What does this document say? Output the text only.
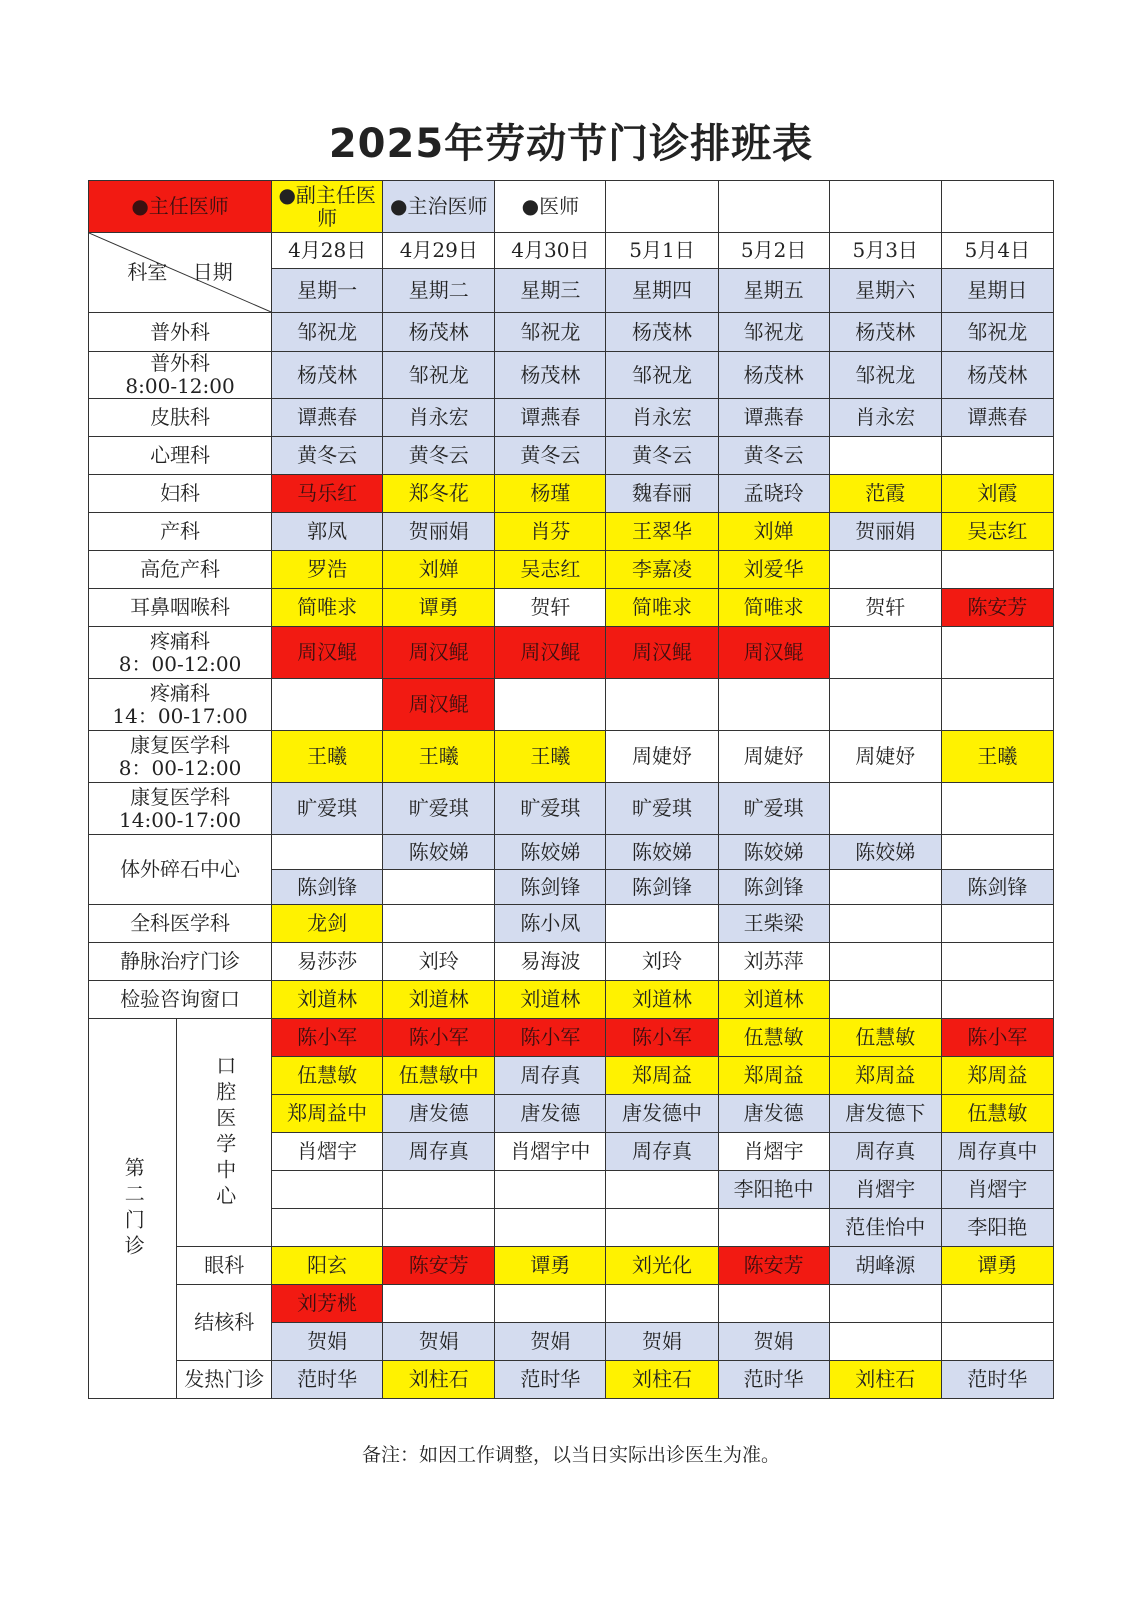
2025年劳动节门诊排班表
●主任医师		●副主任医师	●主治医师	●医师				

科室 日期		4月28日	4月29日	4月30日	5月1日	5月2日	5月3日	5月4日
		星期一	星期二	星期三	星期四	星期五	星期六	星期日
普外科		邹祝龙	杨茂林	邹祝龙	杨茂林	邹祝龙	杨茂林	邹祝龙
普外科
8:00-12:00		杨茂林	邹祝龙	杨茂林	邹祝龙	杨茂林	邹祝龙	杨茂林
皮肤科		谭燕春	肖永宏	谭燕春	肖永宏	谭燕春	肖永宏	谭燕春
心理科		黄冬云	黄冬云	黄冬云	黄冬云	黄冬云		
妇科		马乐红	郑冬花	杨瑾	魏春丽	孟晓玲	范霞	刘霞
产科		郭凤	贺丽娟	肖芬	王翠华	刘婵	贺丽娟	吴志红
高危产科		罗浩	刘婵	吴志红	李嘉凌	刘爱华		
耳鼻咽喉科		简唯求	谭勇	贺轩	简唯求	简唯求	贺轩	陈安芳
疼痛科
8：00-12:00		周汉鲲	周汉鲲	周汉鲲	周汉鲲	周汉鲲		
疼痛科
14：00-17:00			周汉鲲					
康复医学科
8：00-12:00		王曦	王曦	王曦	周婕妤	周婕妤	周婕妤	王曦
康复医学科
14:00-17:00		旷爱琪	旷爱琪	旷爱琪	旷爱琪	旷爱琪		
体外碎石中心			陈姣娣	陈姣娣	陈姣娣	陈姣娣	陈姣娣	
		陈剑锋		陈剑锋	陈剑锋	陈剑锋		陈剑锋
全科医学科		龙剑		陈小凤		王柴梁		
静脉治疗门诊		易莎莎	刘玲	易海波	刘玲	刘苏萍		
检验咨询窗口		刘道林	刘道林	刘道林	刘道林	刘道林		
第二门诊	口腔医学中心	陈小军	陈小军	陈小军	陈小军	伍慧敏	伍慧敏	陈小军
		伍慧敏	伍慧敏中	周存真	郑周益	郑周益	郑周益	郑周益
		郑周益中	唐发德	唐发德	唐发德中	唐发德	唐发德下	伍慧敏
		肖熠宇	周存真	肖熠宇中	周存真	肖熠宇	周存真	周存真中
						李阳艳中	肖熠宇	肖熠宇
							范佳怡中	李阳艳
	眼科	阳玄	陈安芳	谭勇	刘光化	陈安芳	胡峰源	谭勇
	结核科	刘芳桃						
		贺娟	贺娟	贺娟	贺娟	贺娟		
	发热门诊	范时华	刘柱石	范时华	刘柱石	范时华	刘柱石	范时华
备注：如因工作调整，以当日实际出诊医生为准。
